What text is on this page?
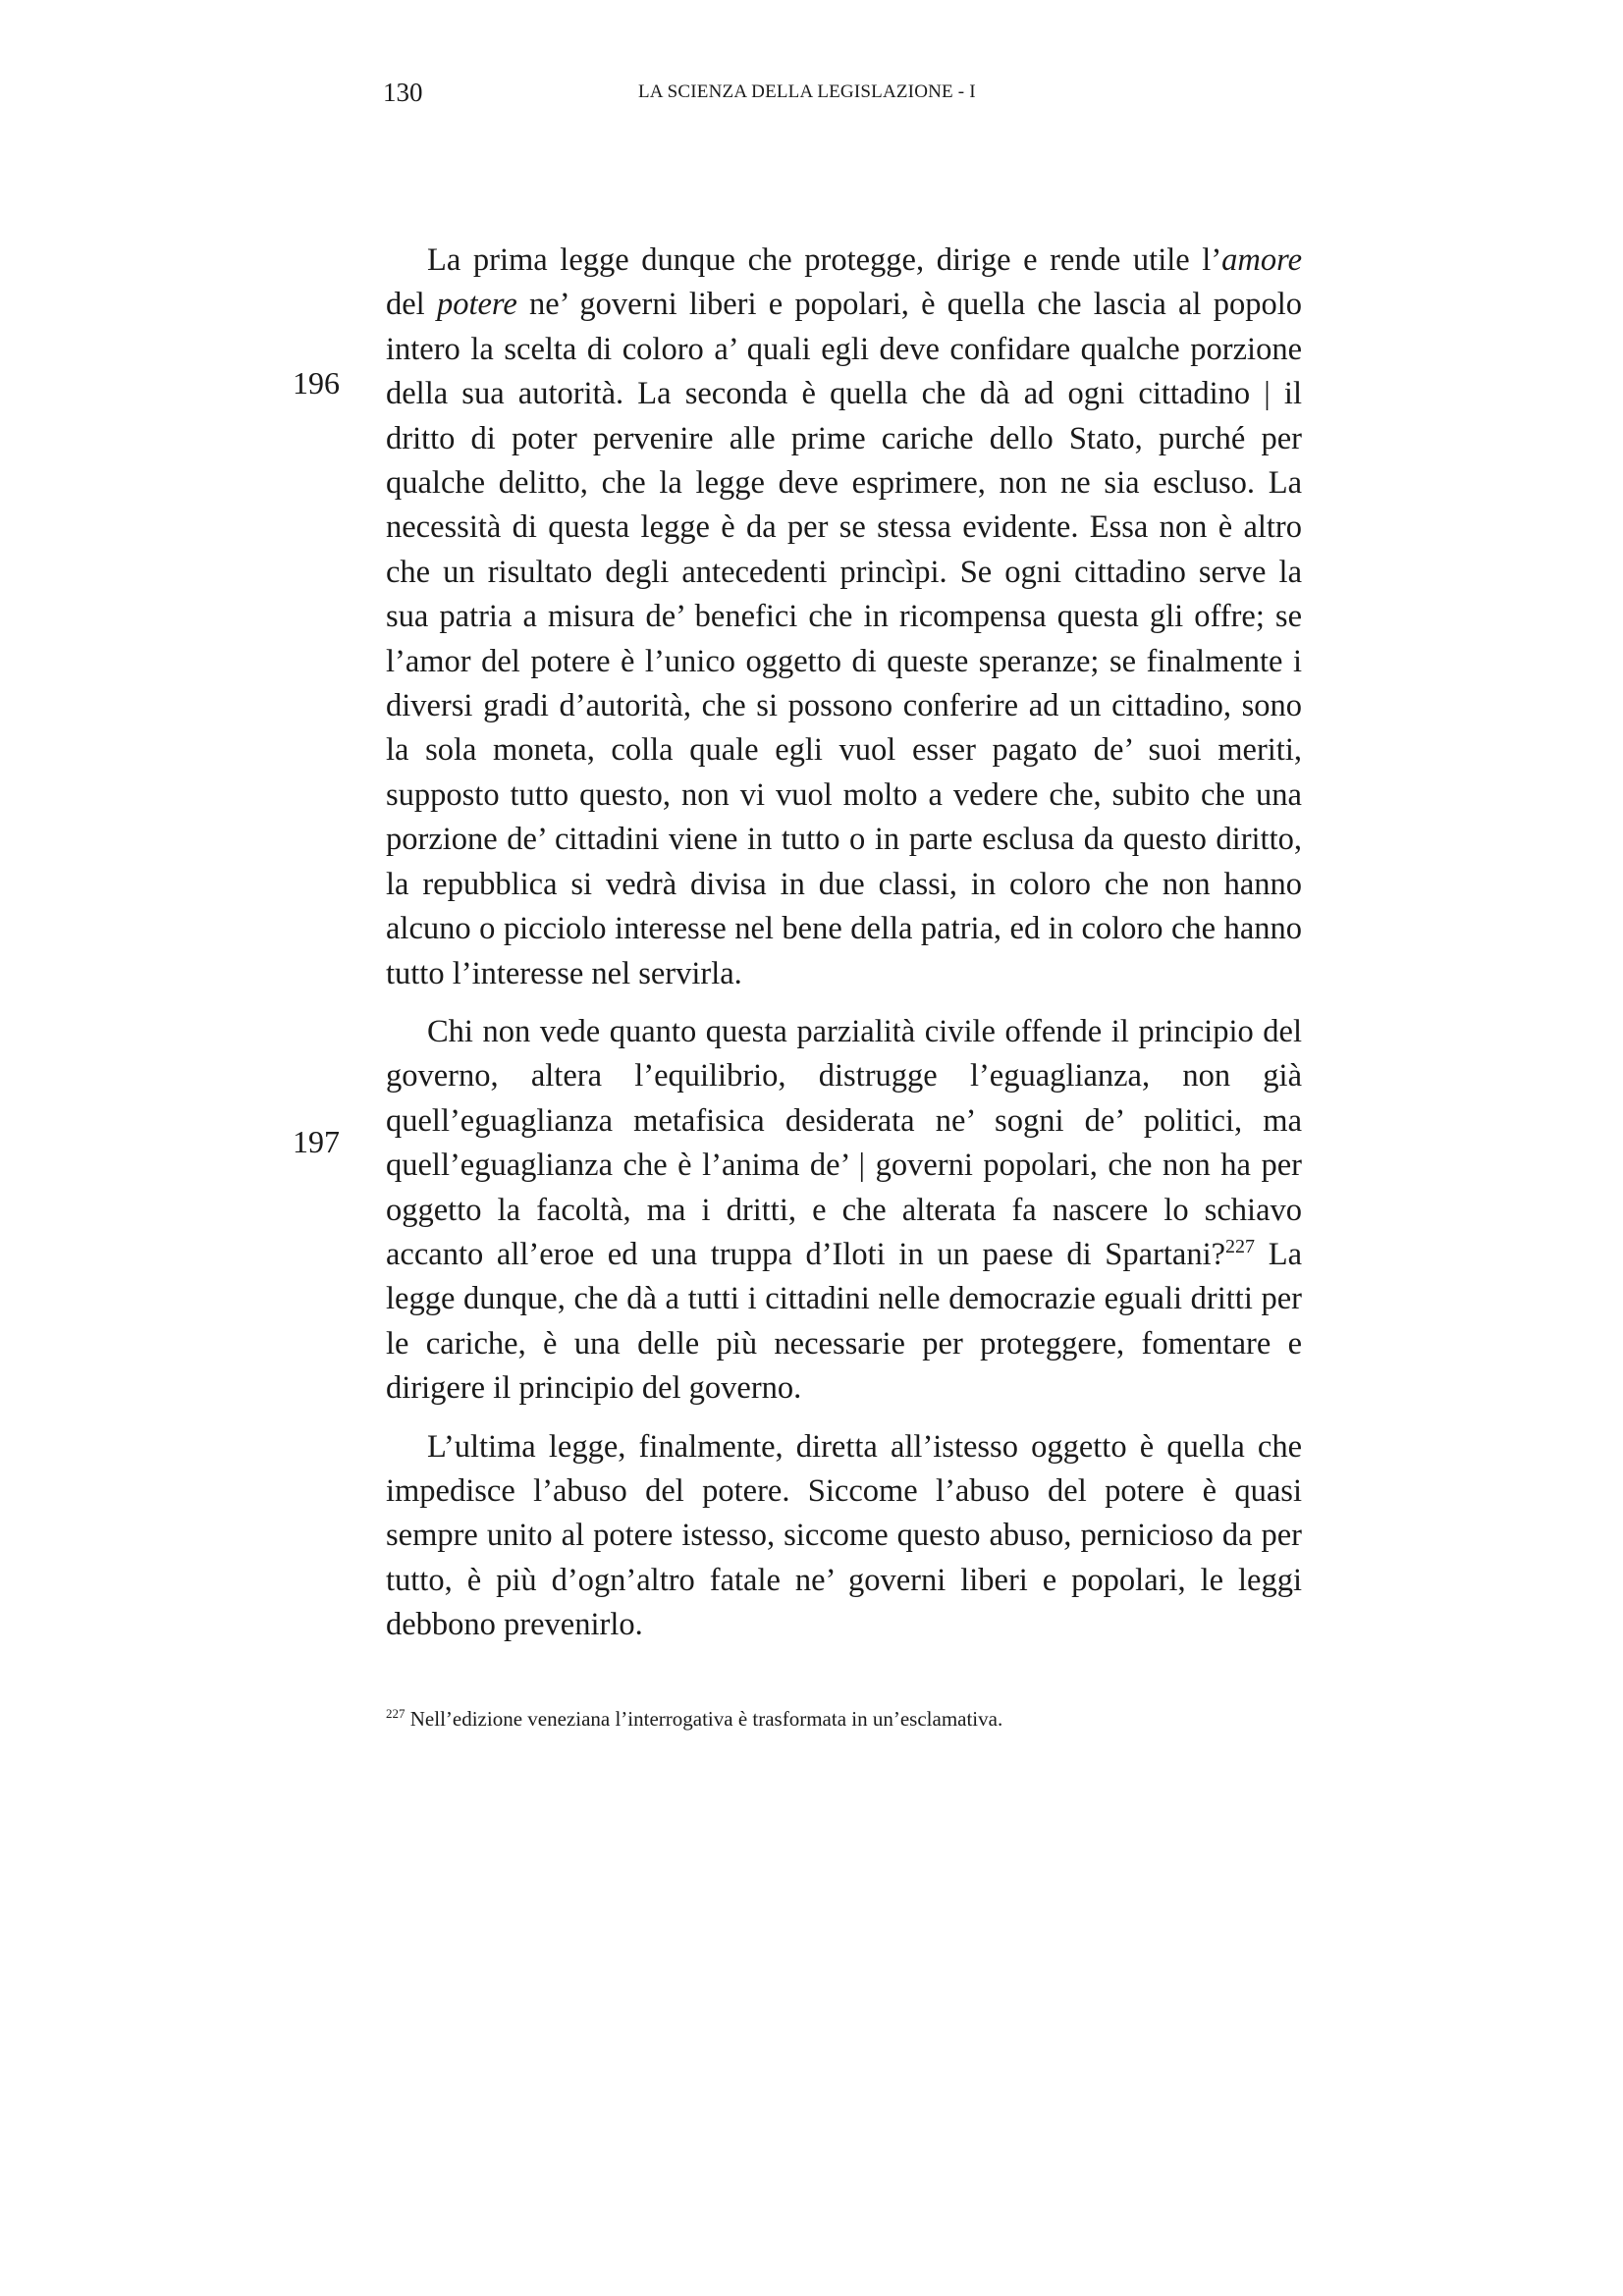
130	LA SCIENZA DELLA LEGISLAZIONE - I
196
197

La prima legge dunque che protegge, dirige e rende utile l’amore del potere ne’ governi liberi e popolari, è quella che lascia al popolo intero la scelta di coloro a’ quali egli deve confidare qualche porzione della sua autorità. La seconda è quella che dà ad ogni cittadino | il dritto di poter pervenire alle prime cariche dello Stato, purché per qualche delitto, che la legge deve esprimere, non ne sia escluso. La necessità di questa legge è da per se stessa evidente. Essa non è altro che un risultato degli antecedenti princìpi. Se ogni cittadino serve la sua patria a misura de’ benefici che in ricompensa questa gli offre; se l’amor del potere è l’unico oggetto di queste speranze; se finalmente i diversi gradi d’autorità, che si possono conferire ad un cittadino, sono la sola moneta, colla quale egli vuol esser pagato de’ suoi meriti, supposto tutto questo, non vi vuol molto a vedere che, subito che una porzione de’ cittadini viene in tutto o in parte esclusa da questo diritto, la repubblica si vedrà divisa in due classi, in coloro che non hanno alcuno o picciolo interesse nel bene della patria, ed in coloro che hanno tutto l’interesse nel servirla.

Chi non vede quanto questa parzialità civile offende il principio del governo, altera l’equilibrio, distrugge l’eguaglianza, non già quell’eguaglianza metafisica desiderata ne’ sogni de’ politici, ma quell’eguaglianza che è l’anima de’ | governi popolari, che non ha per oggetto la facoltà, ma i dritti, e che alterata fa nascere lo schiavo accanto all’eroe ed una truppa d’Iloti in un paese di Spartani?$^{227}$ La legge dunque, che dà a tutti i cittadini nelle democrazie eguali dritti per le cariche, è una delle più necessarie per proteggere, fomentare e dirigere il principio del governo.

L’ultima legge, finalmente, diretta all’istesso oggetto è quella che impedisce l’abuso del potere. Siccome l’abuso del potere è quasi sempre unito al potere istesso, siccome questo abuso, pernicioso da per tutto, è più d’ogn’altro fatale ne’ governi liberi e popolari, le leggi debbono prevenirlo.

$^{227}$ Nell’edizione veneziana l’interrogativa è trasformata in un’esclamativa.
